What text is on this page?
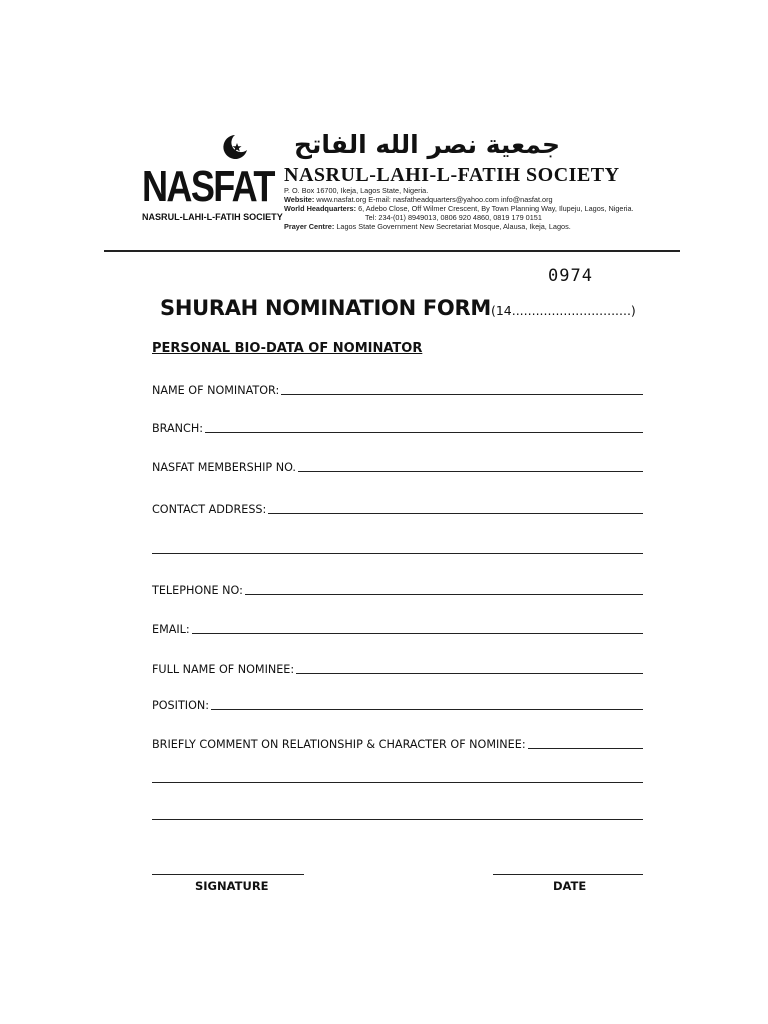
NASFAT
NASRUL-LAHI-L-FATIH SOCIETY
جمعية نصر الله الفاتح
NASRUL-LAHI-L-FATIH SOCIETY
P. O. Box 16700, Ikeja, Lagos State, Nigeria.
Website: www.nasfat.org E-mail: nasfatheadquarters@yahoo.com info@nasfat.org
World Headquarters: 6, Adebo Close, Off Wilmer Crescent, By Town Planning Way, Ilupeju, Lagos, Nigeria.
Tel: 234-(01) 8949013, 0806 920 4860, 0819 179 0151
Prayer Centre: Lagos State Government New Secretariat Mosque, Alausa, Ikeja, Lagos.
0974
SHURAH NOMINATION FORM(14..............................)
PERSONAL BIO-DATA OF NOMINATOR
NAME OF NOMINATOR:
BRANCH:
NASFAT MEMBERSHIP NO.
CONTACT ADDRESS:
TELEPHONE NO:
EMAIL:
FULL NAME OF NOMINEE:
POSITION:
BRIEFLY COMMENT ON RELATIONSHIP & CHARACTER OF NOMINEE:
SIGNATURE	DATE
